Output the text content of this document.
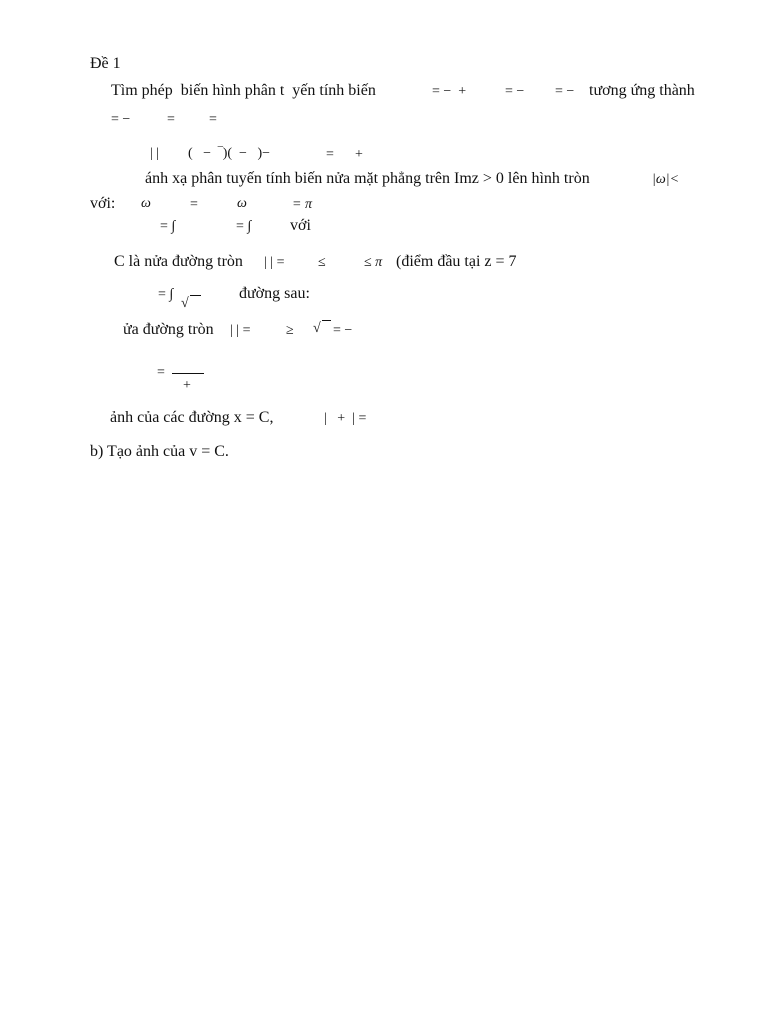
Đề 1
Tìm phép  biến hình phân t  yến tính biến	= −  +	= − = − tương ứng thành
= −	= =
| | (   −  ‾)(  −   )−	= +
ánh xạ phân tuyến tính biến nửa mặt phẳng trên Imz > 0 lên hình tròn	|ω|<
với: ω	=	ω	= π
= ∫	= ∫ với
C là nửa đường tròn | | = ≤	≤ π (điểm đầu tại z = 7
= ∫
√
đường sau:
ửa đường tròn | | =	≥ √ = −
=
+
ảnh của các đường x = C,	|   +  | =
b) Tạo ảnh của v = C.
